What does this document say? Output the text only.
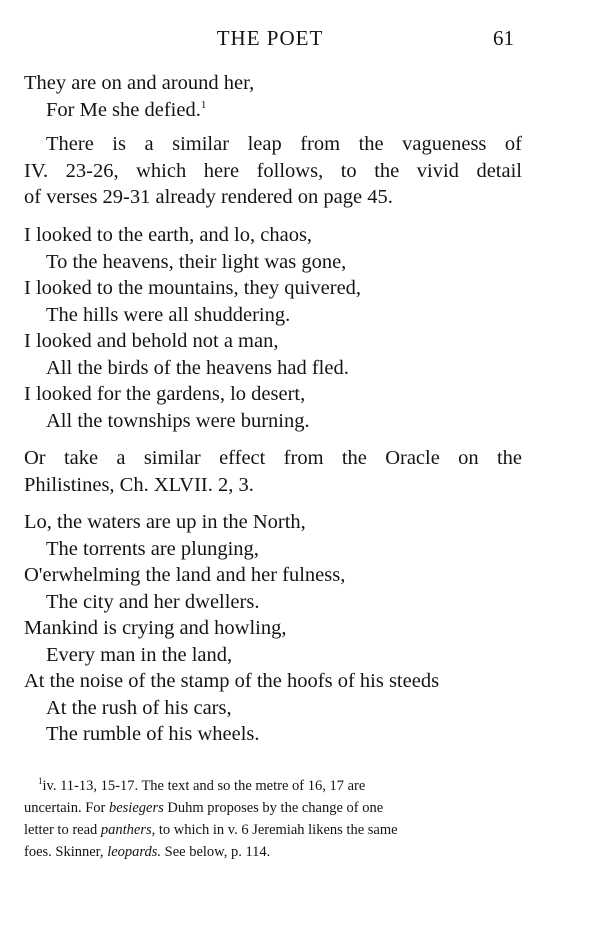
THE POET	61
They are on and around her,
For Me she defied.$^1$
There is a similar leap from the vagueness of
IV. 23-26, which here follows, to the vivid detail
of verses 29-31 already rendered on page 45.
I looked to the earth, and lo, chaos,
To the heavens, their light was gone,
I looked to the mountains, they quivered,
The hills were all shuddering.
I looked and behold not a man,
All the birds of the heavens had fled.
I looked for the gardens, lo desert,
All the townships were burning.
Or take a similar effect from the Oracle on the
Philistines, Ch. XLVII. 2, 3.
Lo, the waters are up in the North,
The torrents are plunging,
O'erwhelming the land and her fulness,
The city and her dwellers.
Mankind is crying and howling,
Every man in the land,
At the noise of the stamp of the hoofs of his steeds
At the rush of his cars,
The rumble of his wheels.
$^1$iv. 11-13, 15-17. The text and so the metre of 16, 17 are
uncertain. For besiegers Duhm proposes by the change of one
letter to read panthers, to which in v. 6 Jeremiah likens the same
foes. Skinner, leopards. See below, p. 114.
